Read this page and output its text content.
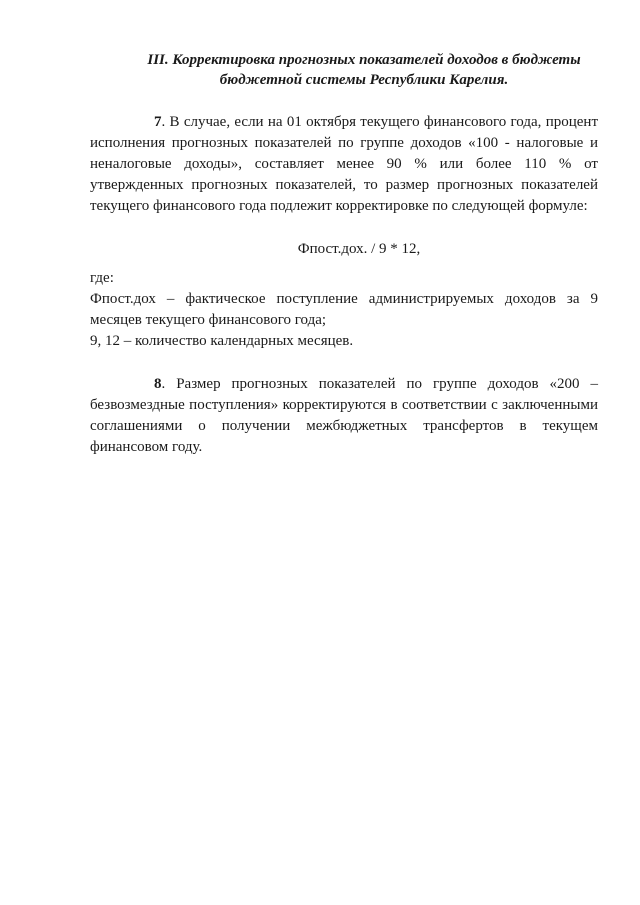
III. Корректировка прогнозных показателей доходов в бюджеты
бюджетной системы Республики Карелия.

7. В случае, если на 01 октября текущего финансового года, процент исполнения прогнозных показателей по группе доходов «100 - налоговые и неналоговые доходы», составляет менее 90 % или более 110 % от утвержденных прогнозных показателей, то размер прогнозных показателей текущего финансового года подлежит корректировке по следующей формуле:

Фпост.дох. / 9 * 12,

где:

Фпост.дох – фактическое поступление администрируемых доходов за 9 месяцев текущего финансового года;

9, 12 – количество календарных месяцев.

8. Размер прогнозных показателей по группе доходов «200 – безвозмездные поступления» корректируются в соответствии с заключенными соглашениями о получении межбюджетных трансфертов в текущем финансовом году.
